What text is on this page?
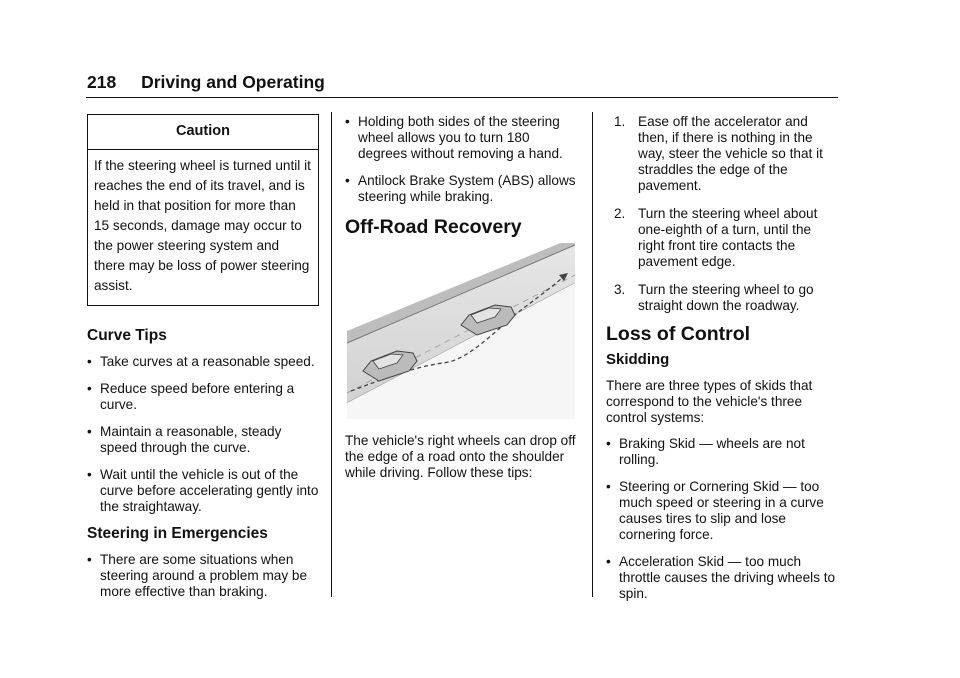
218 Driving and Operating
Caution
If the steering wheel is turned until it reaches the end of its travel, and is held in that position for more than 15 seconds, damage may occur to the power steering system and there may be loss of power steering assist.
Curve Tips
• Take curves at a reasonable speed.
• Reduce speed before entering a curve.
• Maintain a reasonable, steady speed through the curve.
• Wait until the vehicle is out of the curve before accelerating gently into the straightaway.
Steering in Emergencies
• There are some situations when steering around a problem may be more effective than braking.
• Holding both sides of the steering wheel allows you to turn 180 degrees without removing a hand.
• Antilock Brake System (ABS) allows steering while braking.
Off-Road Recovery

The vehicle's right wheels can drop off the edge of a road onto the shoulder while driving. Follow these tips:

1. Ease off the accelerator and then, if there is nothing in the way, steer the vehicle so that it straddles the edge of the pavement.
2. Turn the steering wheel about one-eighth of a turn, until the right front tire contacts the pavement edge.
3. Turn the steering wheel to go straight down the roadway.
Loss of Control
Skidding

There are three types of skids that correspond to the vehicle's three control systems:

• Braking Skid — wheels are not rolling.
• Steering or Cornering Skid — too much speed or steering in a curve causes tires to slip and lose cornering force.
• Acceleration Skid — too much throttle causes the driving wheels to spin.
